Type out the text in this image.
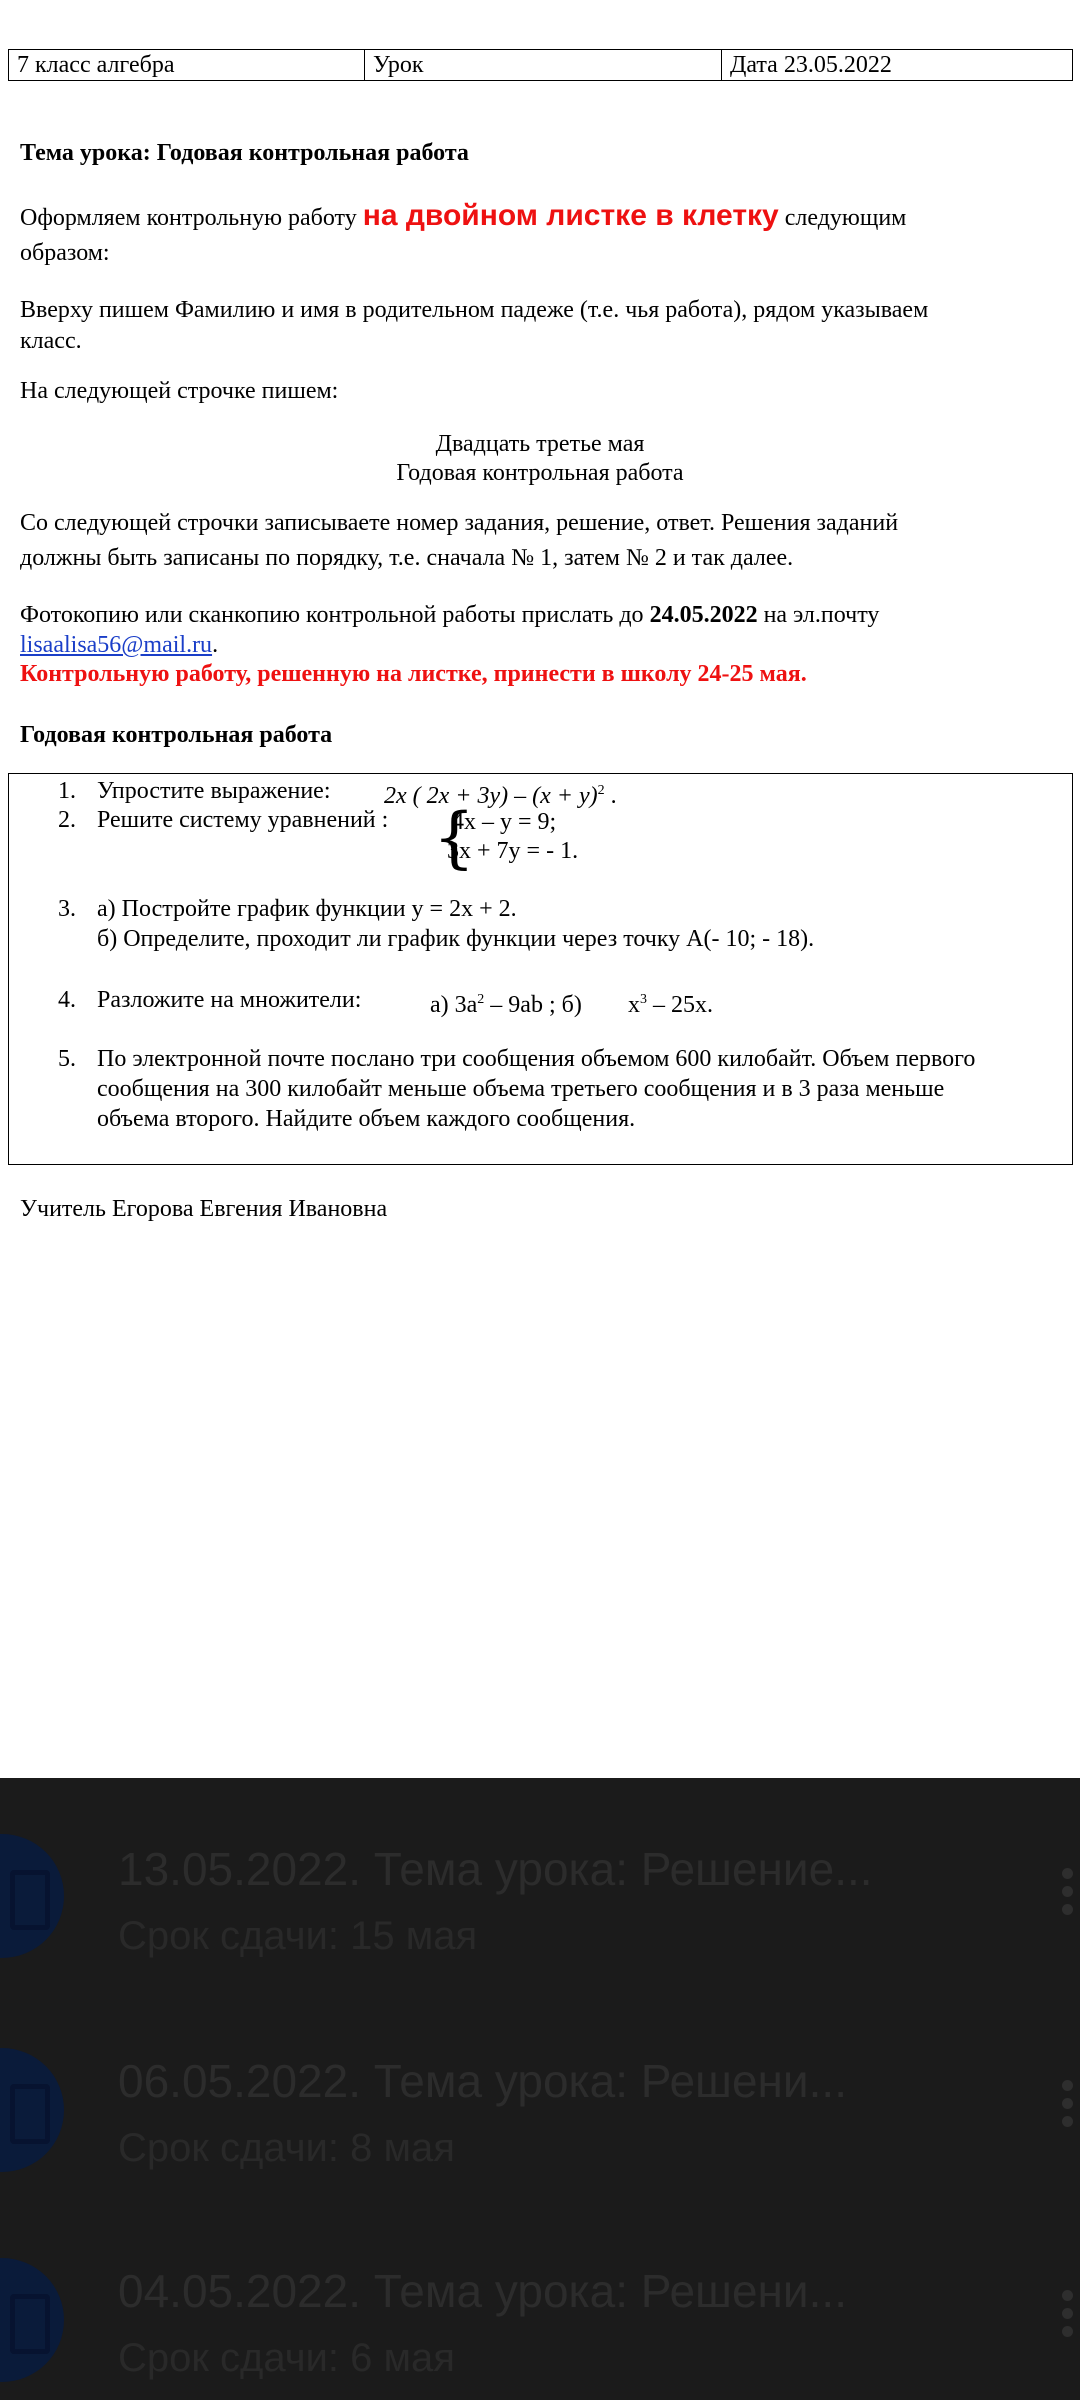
7 класс алгебра	Урок	Дата 23.05.2022
Тема урока: Годовая контрольная работа
Оформляем контрольную работу на двойном листке в клетку следующим
образом:
Вверху пишем Фамилию и имя в родительном падеже (т.е. чья работа), рядом указываем
класс.
На следующей строчке пишем:
Двадцать третье мая
Годовая контрольная работа
Со следующей строчки записываете номер задания, решение, ответ. Решения заданий
должны быть записаны по порядку, т.е. сначала № 1, затем № 2 и так далее.
Фотокопию или сканкопию контрольной работы прислать до 24.05.2022 на эл.почту
lisaalisa56@mail.ru.
Контрольную работу, решенную на листке, принести в школу 24-25 мая.
Годовая контрольная работа
1. Упростите выражение: 2x ( $2x + 3y) - (x + y)^2$ .
2. Решите систему уравнений : {
4x – y = 9;
3x + 7y = - 1.
3. а) Постройте график функции y = 2x + 2.
б) Определите, проходит ли график функции через точку А(- 10; - 18).
4. Разложите на множители:	а) $3a^2 - 9ab$ ; б) $x^3 - 25x$.
5. По электронной почте послано три сообщения объемом 600 килобайт. Объем первого
сообщения на 300 килобайт меньше объема третьего сообщения и в 3 раза меньше
объема второго. Найдите объем каждого сообщения.
Учитель Егорова Евгения Ивановна
13.05.2022. Тема урока: Решение...
Срок сдачи: 15 мая
06.05.2022. Тема урока: Решени...
Срок сдачи: 8 мая
04.05.2022. Тема урока: Решени...
Срок сдачи: 6 мая
